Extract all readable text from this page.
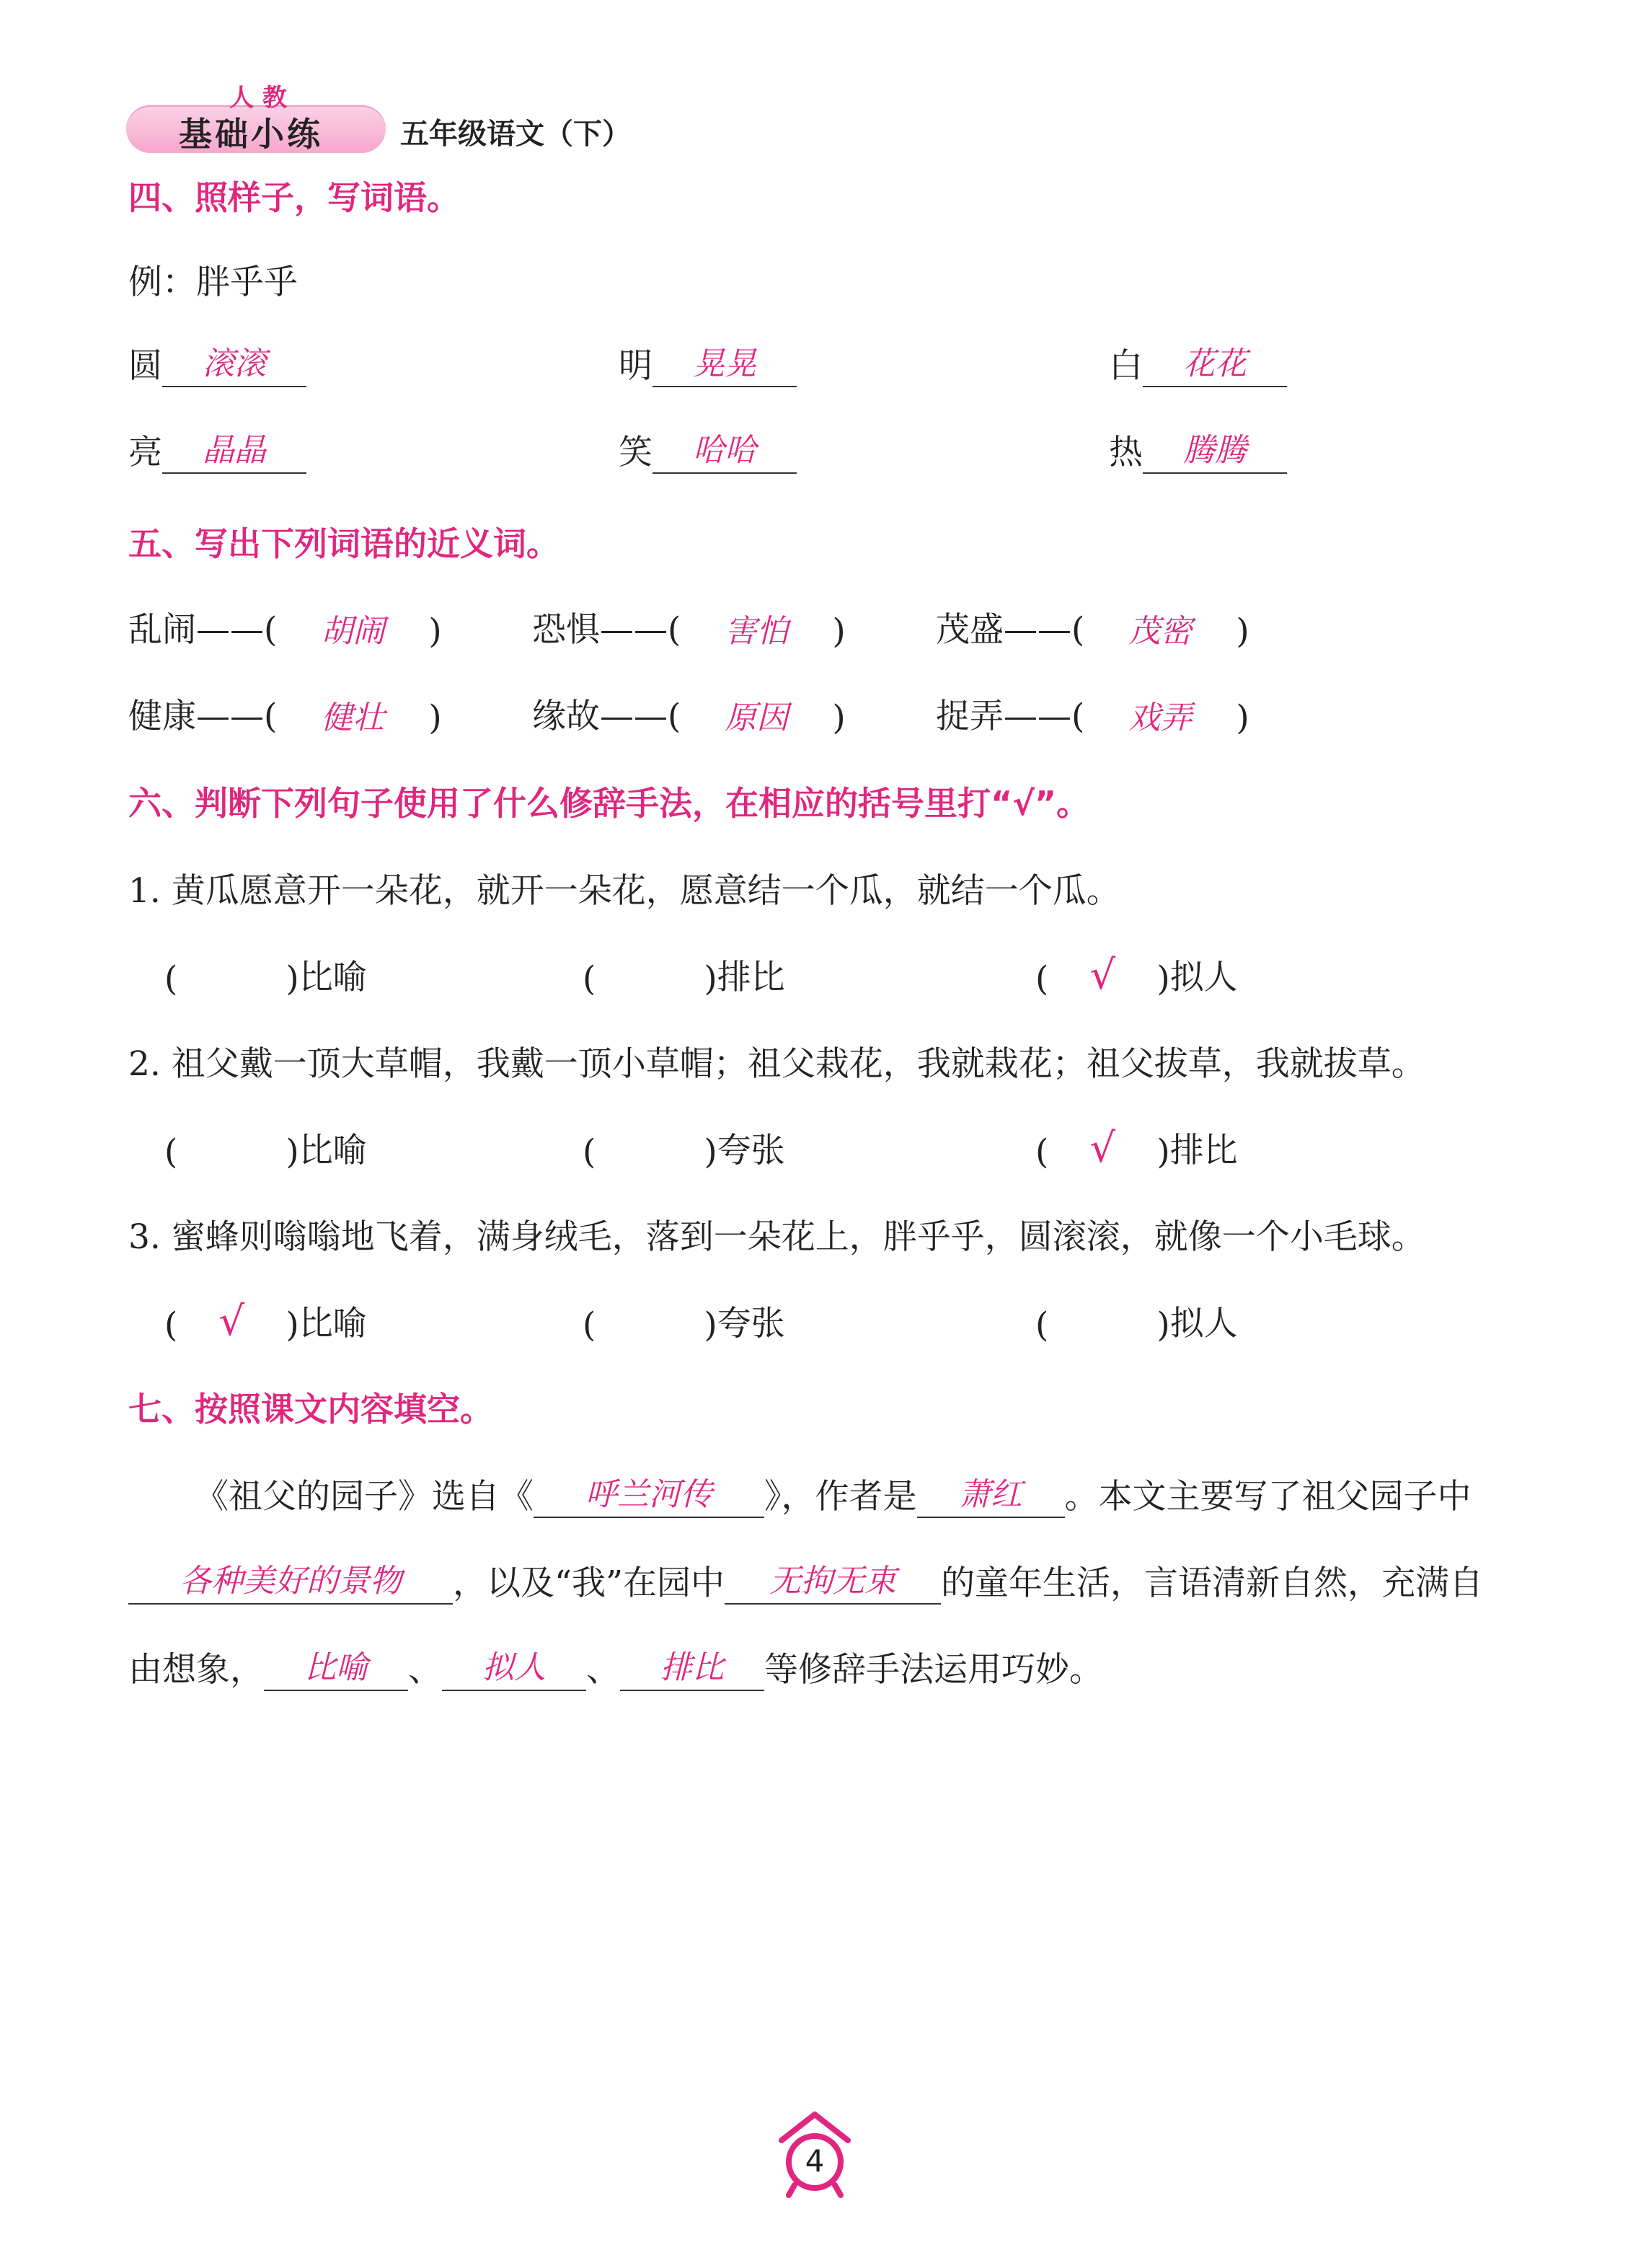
人 教
基础小练	五年级语文（下）
四、照样子，写词语。
例：胖乎乎
圆	滚滚	明	晃晃	白	花花
亮	晶晶	笑	哈哈	热	腾腾
五、写出下列词语的近义词。
乱闹——(	胡闹	)	恐惧——(	害怕	)	茂盛——(	茂密	)
健康——(	健壮	)	缘故——(	原因	)	捉弄——(	戏弄	)
六、判断下列句子使用了什么修辞手法，在相应的括号里打“√”。
1. 黄瓜愿意开一朵花，就开一朵花，愿意结一个瓜，就结一个瓜。
(	) 比喻	(	) 排比	(	√	) 拟人
2. 祖父戴一顶大草帽，我戴一顶小草帽；祖父栽花，我就栽花；祖父拔草，我就拔草。
(	) 比喻	(	) 夸张	(	√	) 排比
3. 蜜蜂则嗡嗡地飞着，满身绒毛，落到一朵花上，胖乎乎，圆滚滚，就像一个小毛球。
(	√	) 比喻	(	) 夸张	(	) 拟人
七、按照课文内容填空。
《祖父的园子》选自《	呼兰河传	》，作者是	萧红	。本文主要写了祖父园子中
各种美好的景物	，以及“我”在园中	无拘无束	的童年生活，言语清新自然，充满自
由想象，	比喻	、	拟人	、	排比	等修辞手法运用巧妙。
4
